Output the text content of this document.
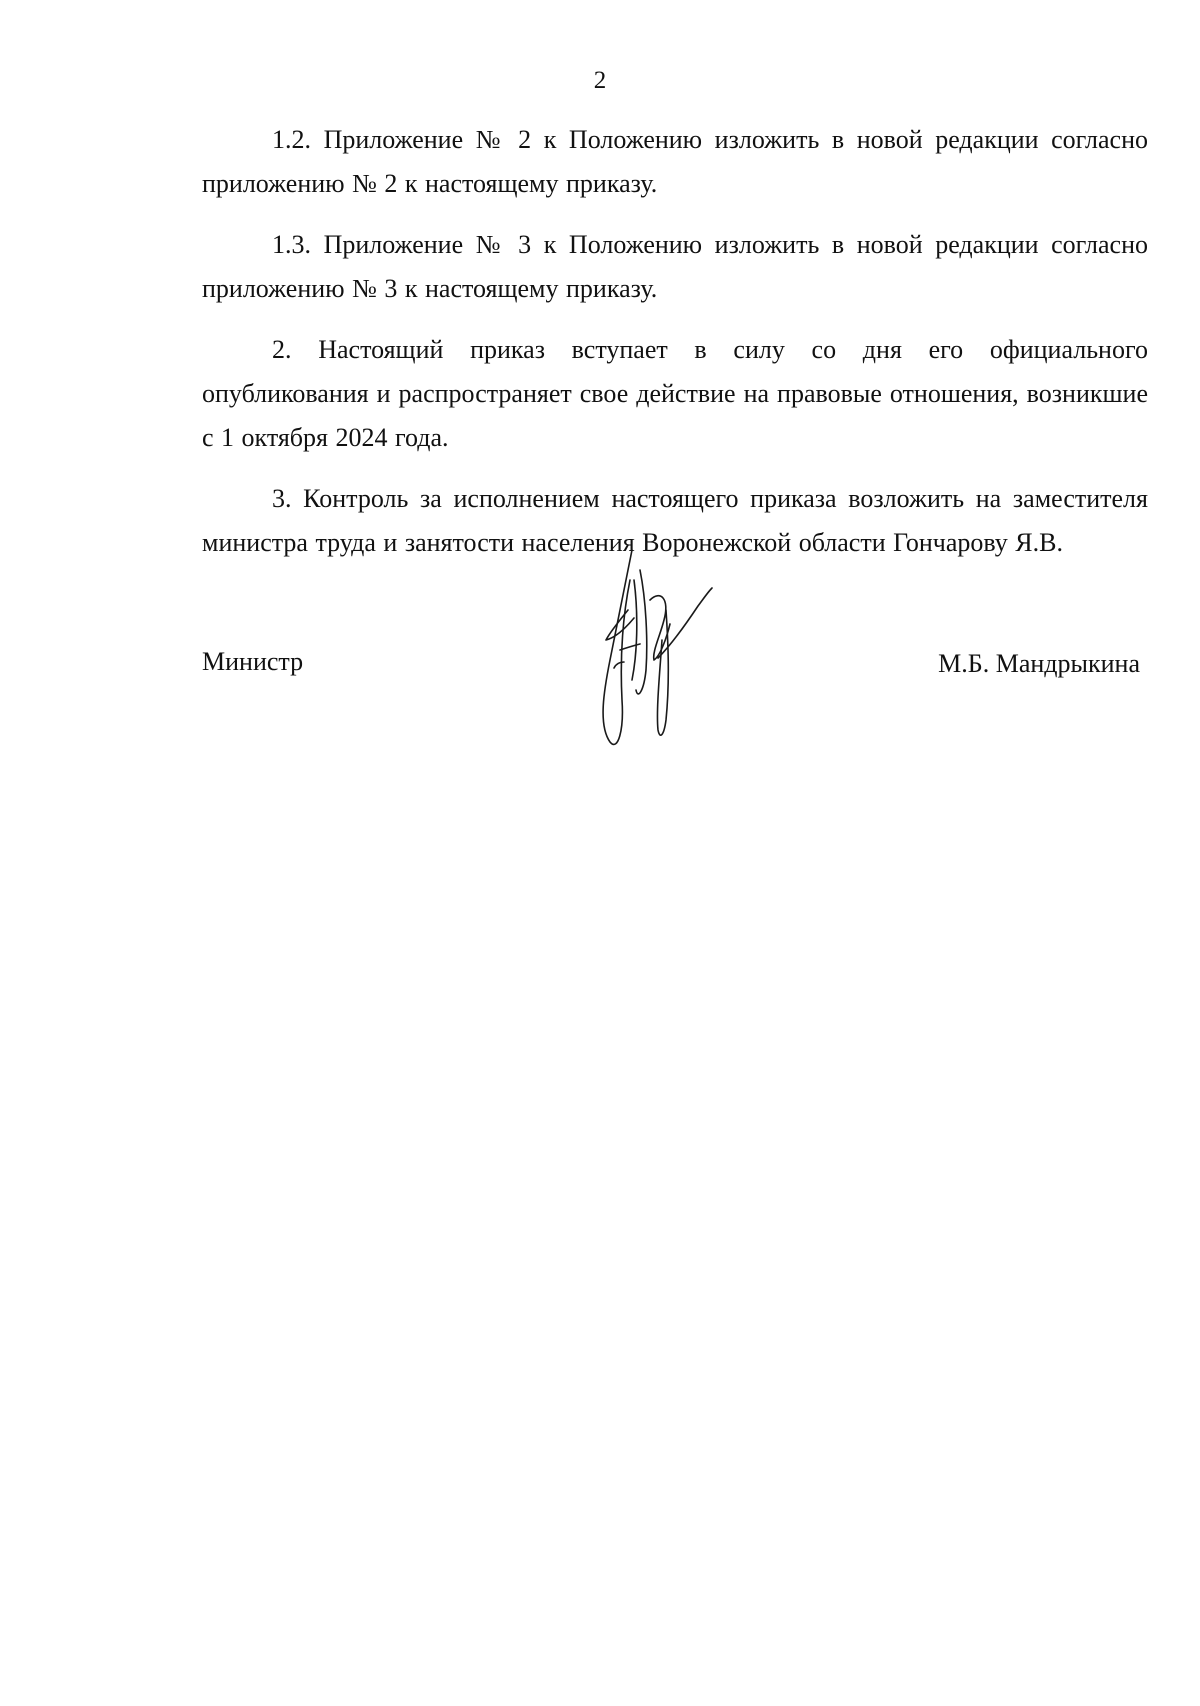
2

1.2. Приложение № 2 к Положению изложить в новой редакции согласно приложению № 2 к настоящему приказу.

1.3. Приложение № 3 к Положению изложить в новой редакции согласно приложению № 3 к настоящему приказу.

2. Настоящий приказ вступает в силу со дня его официального опубликования и распространяет свое действие на правовые отношения, возникшие с 1 октября 2024 года.

3. Контроль за исполнением настоящего приказа возложить на заместителя министра труда и занятости населения Воронежской области Гончарову Я.В.

Министр	М.Б. Мандрыкина
